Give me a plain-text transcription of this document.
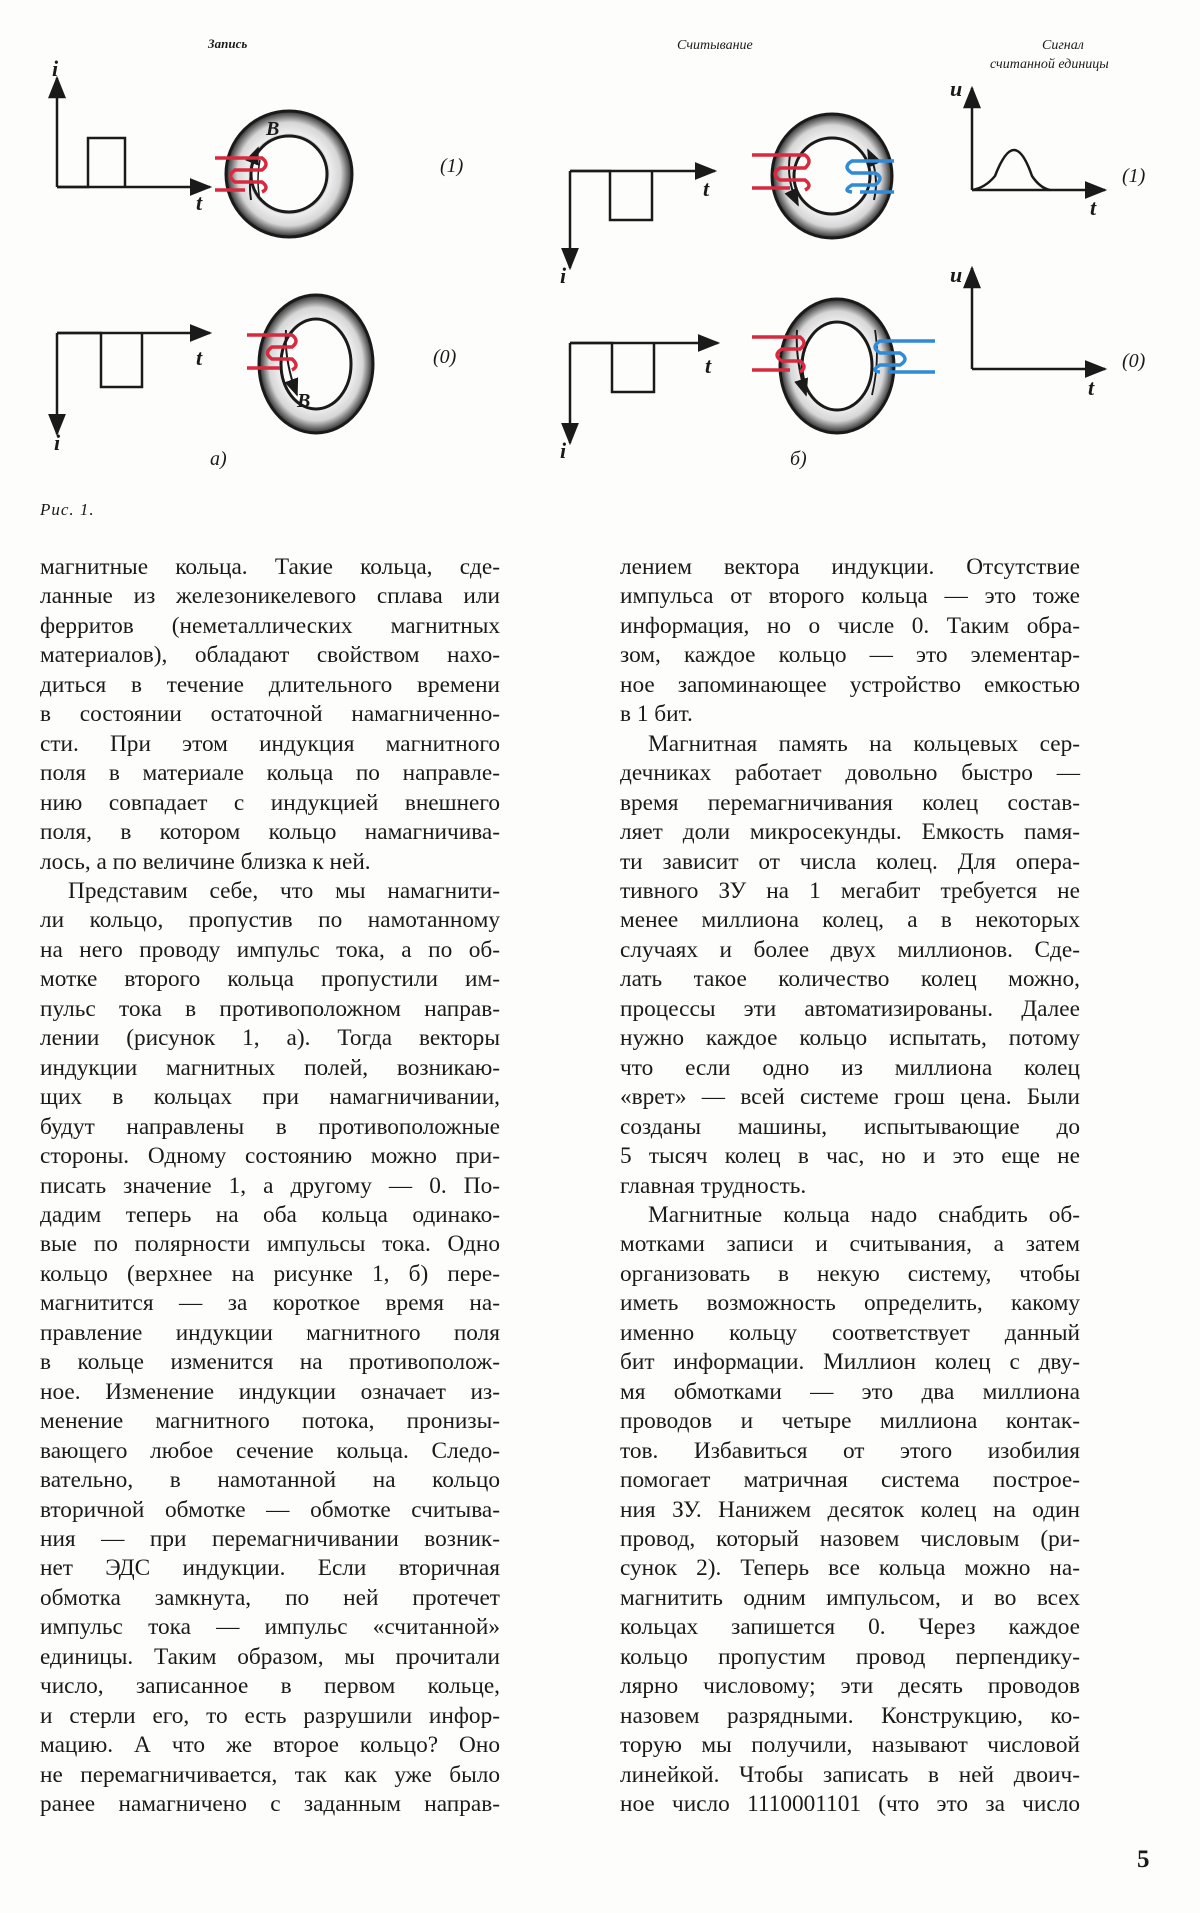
Запись	Считывание	Сигнал
считанной единицы
i
t
B
(1)
i
t
B
(0)
а)
i
t
i
t
б)
u
t
(1)
u
t
(0)
Рис. 1.
магнитные кольца. Такие кольца, сде-
ланные из железоникелевого сплава или
ферритов (неметаллических магнитных
материалов), обладают свойством нахо-
диться в течение длительного времени
в состоянии остаточной намагниченно-
сти. При этом индукция магнитного
поля в материале кольца по направле-
нию совпадает с индукцией внешнего
поля, в котором кольцо намагничива-
лось, а по величине близка к ней.
Представим себе, что мы намагнити-
ли кольцо, пропустив по намотанному
на него проводу импульс тока, а по об-
мотке второго кольца пропустили им-
пульс тока в противоположном направ-
лении (рисунок 1, а). Тогда векторы
индукции магнитных полей, возникаю-
щих в кольцах при намагничивании,
будут направлены в противоположные
стороны. Одному состоянию можно при-
писать значение 1, а другому — 0. По-
дадим теперь на оба кольца одинако-
вые по полярности импульсы тока. Одно
кольцо (верхнее на рисунке 1, б) пере-
магнитится — за короткое время на-
правление индукции магнитного поля
в кольце изменится на противополож-
ное. Изменение индукции означает из-
менение магнитного потока, пронизы-
вающего любое сечение кольца. Следо-
вательно, в намотанной на кольцо
вторичной обмотке — обмотке считыва-
ния — при перемагничивании возник-
нет ЭДС индукции. Если вторичная
обмотка замкнута, по ней протечет
импульс тока — импульс «считанной»
единицы. Таким образом, мы прочитали
число, записанное в первом кольце,
и стерли его, то есть разрушили инфор-
мацию. А что же второе кольцо? Оно
не перемагничивается, так как уже было
ранее намагничено с заданным направ-
лением вектора индукции. Отсутствие
импульса от второго кольца — это тоже
информация, но о числе 0. Таким обра-
зом, каждое кольцо — это элементар-
ное запоминающее устройство емкостью
в 1 бит.
Магнитная память на кольцевых сер-
дечниках работает довольно быстро —
время перемагничивания колец состав-
ляет доли микросекунды. Емкость памя-
ти зависит от числа колец. Для опера-
тивного ЗУ на 1 мегабит требуется не
менее миллиона колец, а в некоторых
случаях и более двух миллионов. Сде-
лать такое количество колец можно,
процессы эти автоматизированы. Далее
нужно каждое кольцо испытать, потому
что если одно из миллиона колец
«врет» — всей системе грош цена. Были
созданы машины, испытывающие до
5 тысяч колец в час, но и это еще не
главная трудность.
Магнитные кольца надо снабдить об-
мотками записи и считывания, а затем
организовать в некую систему, чтобы
иметь возможность определить, какому
именно кольцу соответствует данный
бит информации. Миллион колец с дву-
мя обмотками — это два миллиона
проводов и четыре миллиона контак-
тов. Избавиться от этого изобилия
помогает матричная система построе-
ния ЗУ. Нанижем десяток колец на один
провод, который назовем числовым (ри-
сунок 2). Теперь все кольца можно на-
магнитить одним импульсом, и во всех
кольцах запишется 0. Через каждое
кольцо пропустим провод перпендику-
лярно числовому; эти десять проводов
назовем разрядными. Конструкцию, ко-
торую мы получили, называют числовой
линейкой. Чтобы записать в ней двоич-
ное число 1110001101 (что это за число
5
